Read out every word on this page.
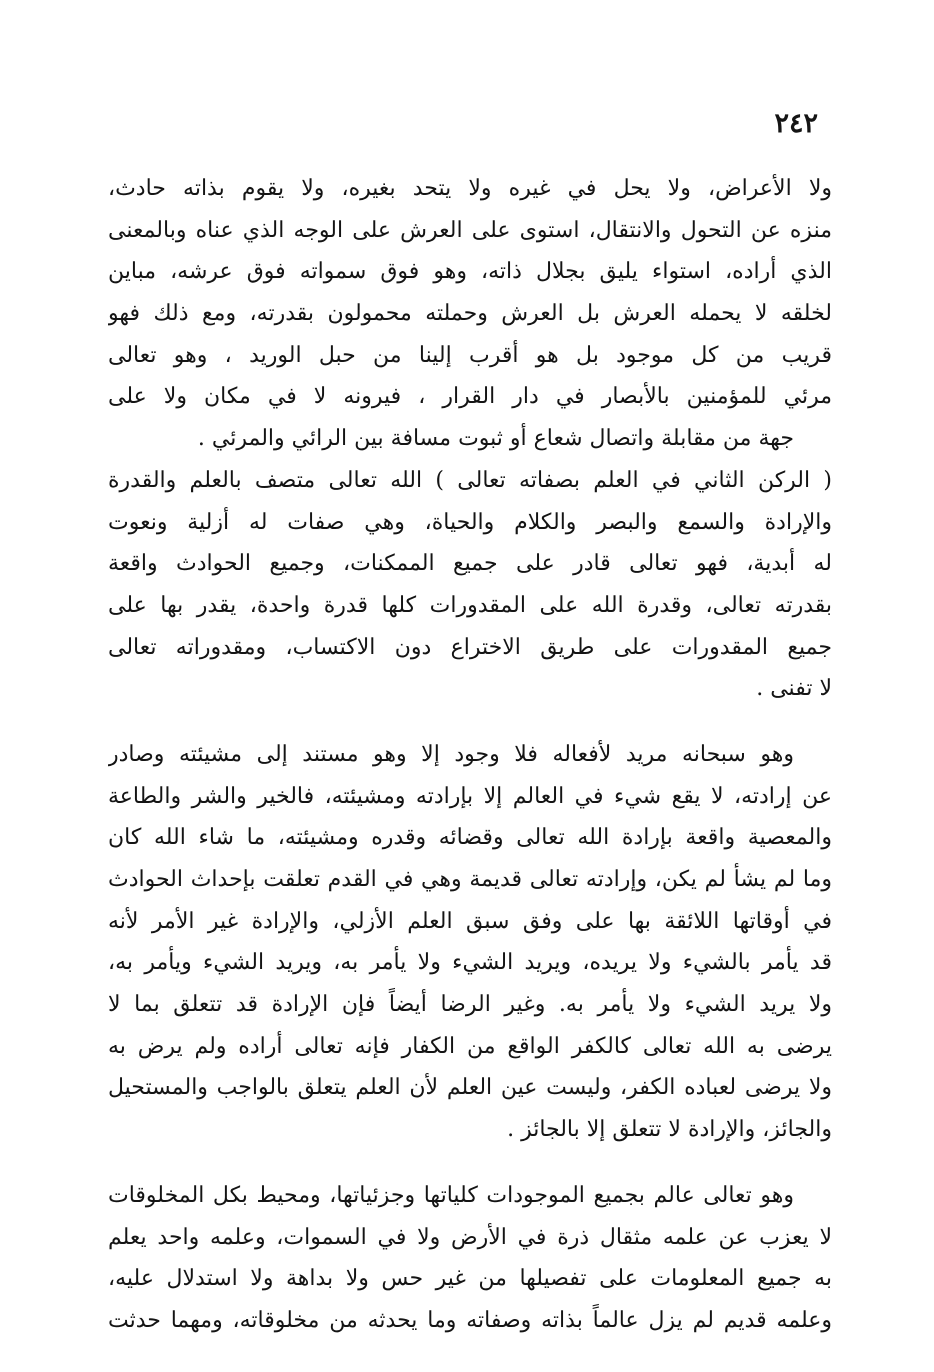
٢٤٢
ولا الأعراض، ولا يحل في غيره ولا يتحد بغيره، ولا يقوم بذاته حادث،
منزه عن التحول والانتقال، استوى على العرش على الوجه الذي عناه وبالمعنى
الذي أراده، استواء يليق بجلال ذاته، وهو فوق سمواته فوق عرشه، مباين
لخلقه لا يحمله العرش بل العرش وحملته محمولون بقدرته، ومع ذلك فهو
قريب من كل موجود بل هو أقرب إلينا من حبل الوريد ، وهو تعالى
مرئي للمؤمنين بالأبصار في دار القرار ، فيرونه لا في مكان ولا على
جهة من مقابلة واتصال شعاع أو ثبوت مسافة بين الرائي والمرئي .
( الركن الثاني في العلم بصفاته تعالى ) الله تعالى متصف بالعلم والقدرة
والإرادة والسمع والبصر والكلام والحياة، وهي صفات له أزلية ونعوت
له أبدية، فهو تعالى قادر على جميع الممكنات، وجميع الحوادث واقعة
بقدرته تعالى، وقدرة الله على المقدورات كلها قدرة واحدة، يقدر بها على
جميع المقدورات على طريق الاختراع دون الاكتساب، ومقدوراته تعالى
لا تفنى .
وهو سبحانه مريد لأفعاله فلا وجود إلا وهو مستند إلى مشيئته وصادر
عن إرادته، لا يقع شيء في العالم إلا بإرادته ومشيئته، فالخير والشر والطاعة
والمعصية واقعة بإرادة الله تعالى وقضائه وقدره ومشيئته، ما شاء الله كان
وما لم يشأ لم يكن، وإرادته تعالى قديمة وهي في القدم تعلقت بإحداث الحوادث
في أوقاتها اللائقة بها على وفق سبق العلم الأزلي، والإرادة غير الأمر لأنه
قد يأمر بالشيء ولا يريده، ويريد الشيء ولا يأمر به، ويريد الشيء ويأمر به،
ولا يريد الشيء ولا يأمر به. وغير الرضا أيضاً فإن الإرادة قد تتعلق بما لا
يرضى به الله تعالى كالكفر الواقع من الكفار فإنه تعالى أراده ولم يرض به
ولا يرضى لعباده الكفر، وليست عين العلم لأن العلم يتعلق بالواجب والمستحيل
والجائز، والإرادة لا تتعلق إلا بالجائز .
وهو تعالى عالم بجميع الموجودات كلياتها وجزئياتها، ومحيط بكل المخلوقات
لا يعزب عن علمه مثقال ذرة في الأرض ولا في السموات، وعلمه واحد يعلم
به جميع المعلومات على تفصيلها من غير حس ولا بداهة ولا استدلال عليه،
وعلمه قديم لم يزل عالماً بذاته وصفاته وما يحدثه من مخلوقاته، ومهما حدثت
